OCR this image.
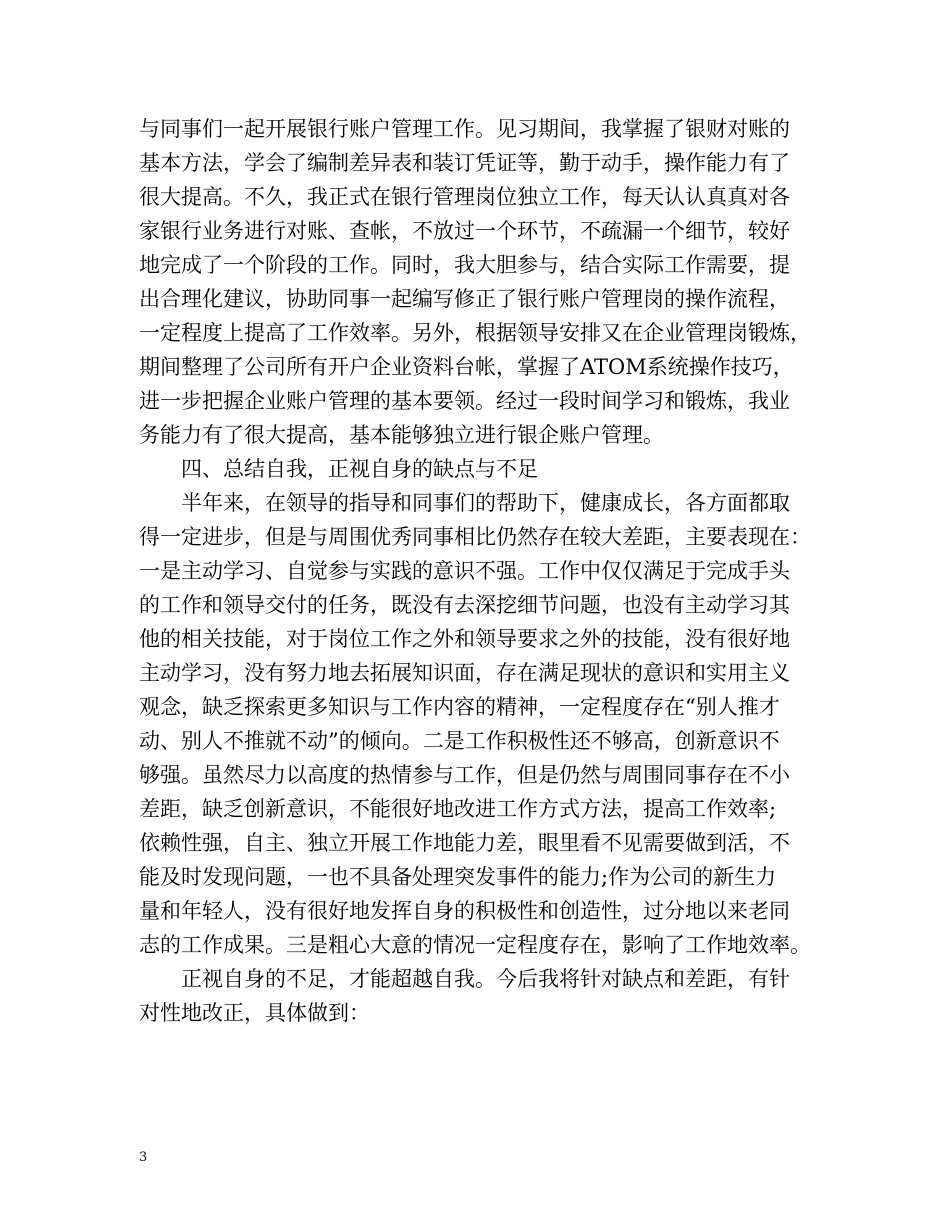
与同事们一起开展银行账户管理工作。见习期间，我掌握了银财对账的
基本方法，学会了编制差异表和装订凭证等，勤于动手，操作能力有了
很大提高。不久，我正式在银行管理岗位独立工作，每天认认真真对各
家银行业务进行对账、查帐，不放过一个环节，不疏漏一个细节，较好
地完成了一个阶段的工作。同时，我大胆参与，结合实际工作需要，提
出合理化建议，协助同事一起编写修正了银行账户管理岗的操作流程，
一定程度上提高了工作效率。另外，根据领导安排又在企业管理岗锻炼，
期间整理了公司所有开户企业资料台帐，掌握了ATOM系统操作技巧，
进一步把握企业账户管理的基本要领。经过一段时间学习和锻炼，我业
务能力有了很大提高，基本能够独立进行银企账户管理。
四、总结自我，正视自身的缺点与不足
半年来，在领导的指导和同事们的帮助下，健康成长，各方面都取
得一定进步，但是与周围优秀同事相比仍然存在较大差距，主要表现在：
一是主动学习、自觉参与实践的意识不强。工作中仅仅满足于完成手头
的工作和领导交付的任务，既没有去深挖细节问题，也没有主动学习其
他的相关技能，对于岗位工作之外和领导要求之外的技能，没有很好地
主动学习，没有努力地去拓展知识面，存在满足现状的意识和实用主义
观念，缺乏探索更多知识与工作内容的精神，一定程度存在“别人推才
动、别人不推就不动”的倾向。二是工作积极性还不够高，创新意识不
够强。虽然尽力以高度的热情参与工作，但是仍然与周围同事存在不小
差距，缺乏创新意识，不能很好地改进工作方式方法，提高工作效率;
依赖性强，自主、独立开展工作地能力差，眼里看不见需要做到活，不
能及时发现问题，一也不具备处理突发事件的能力;作为公司的新生力
量和年轻人，没有很好地发挥自身的积极性和创造性，过分地以来老同
志的工作成果。三是粗心大意的情况一定程度存在，影响了工作地效率。
正视自身的不足，才能超越自我。今后我将针对缺点和差距，有针
对性地改正，具体做到：
3
